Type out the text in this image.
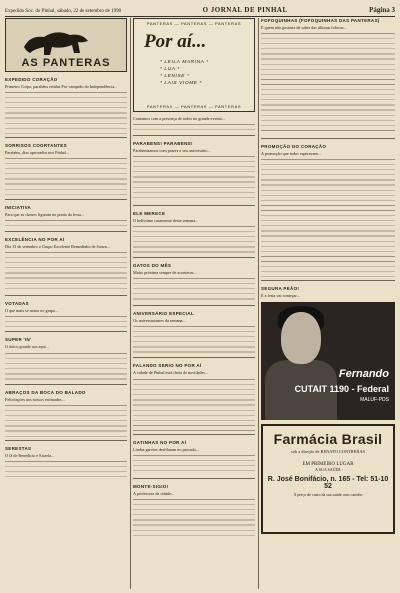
Expedido Soc. do Pinhal, sábado, 22 de setembro de 1990	O JORNAL DE PINHAL	Página 3
AS PANTERAS
EXPEDIDO CORAÇÃO

Primeiro Corpo, parabéns retidas Pro-campeão do Independência...

SORRISOS COORTANTES

Parabéns, dias aprovados nos Pinhal...

INICIATIVA

Para que as classes figuram no ponto da festa...

EXCELÊNCIA NO POR AÍ

Dia 13 de setembro o Grupo Excelente Remedinho de Souza...

VOTADAS

O que mais se notou no grupo...

SUPER 'IN'

O único grande aos aqui...

ABRAÇOS DA BOCA DO BALADO

Felicitações aos nossos estimados...

SERESTAS

O fã de Benedicto e Estrela...

PANTERAS — PANTERAS — PANTERAS
Por aí...
* LEILA MARINA *
* LUA *
* LENISE *
* LAIS VIOME *
PANTERAS — PANTERAS — PANTERAS

Contamos com a presença de todos no grande evento...

PARABENS! PARABENS!

Parabenizamos com prazer o seu aniversário...

ELE MERECE

O belíssimo casamento desta semana...

GATOS DO MÊS

Muito próxima sempre de acontecer...

ANIVERSÁRIO ESPECIAL

Os aniversariantes da semana...

FALANDO SERIO NO POR AÍ

A cidade de Pinhal está cheia de novidades...

GATINHAS NO POR AÍ

Lindas garotas desfilaram no passado...

MONTE-SIGIO!

A professora da cidade...

FOFOQUINHAS (FOFOQUINHAS DAS PANTERAS)

E quem não gostaria de saber das últimas fofocas...

PROMOÇÃO DO CORAÇÃO

A promoção que todos esperavam...

SEGURA PEÃO!

E a festa vai começar...

Fernando
CUTAIT 1190 - Federal
MALUF-PDS
Farmácia Brasil
sob a direção de RENATO CONTRERAS
EM PRIMEIRO LUGAR
A SUA SAÚDE
R. José Bonifácio, n. 165 - Tel: 51-10 52
À preço de custo da sua saúde com carinho
